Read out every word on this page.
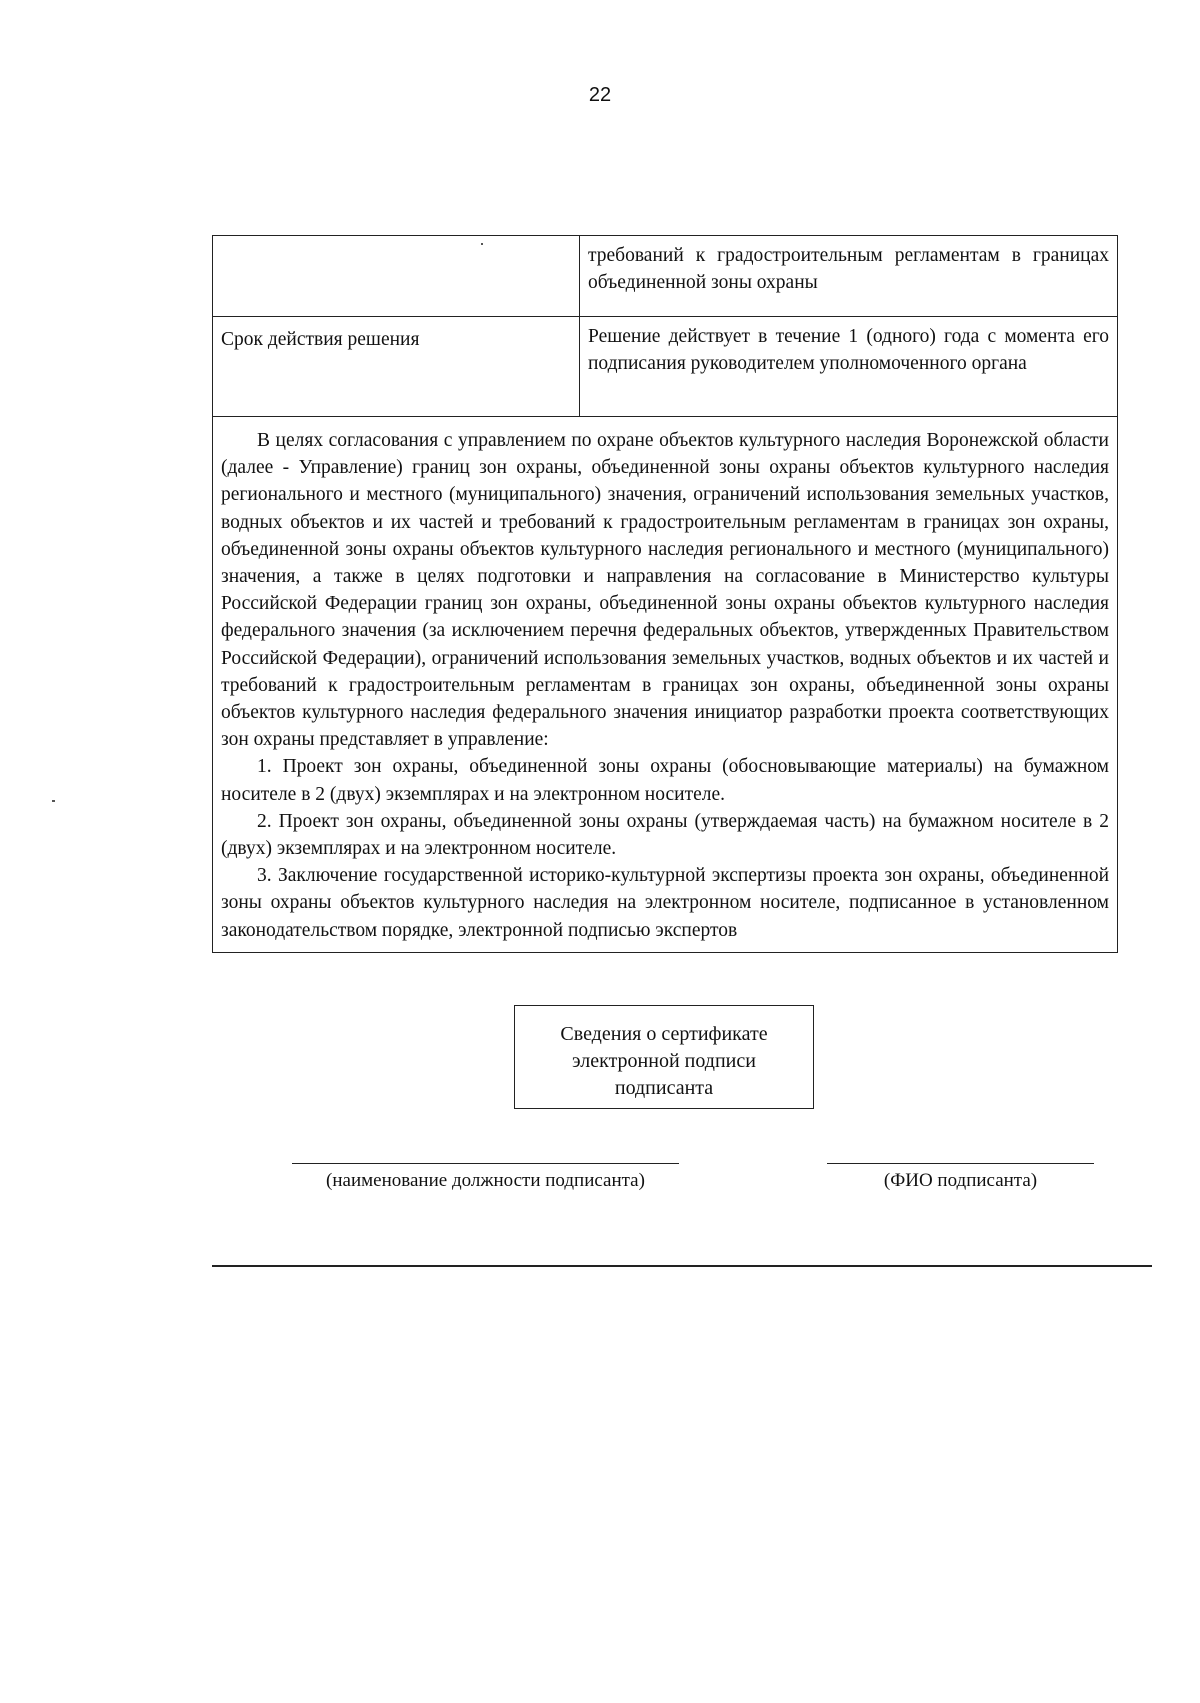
22
	требований к градостроительным регламентам в границах объединенной зоны охраны
Срок действия решения	Решение действует в течение 1 (одного) года с момента его подписания руководителем уполномоченного органа

В целях согласования с управлением по охране объектов культурного наследия Воронежской области (далее - Управление) границ зон охраны, объединенной зоны охраны объектов культурного наследия регионального и местного (муниципального) значения, ограничений использования земельных участков, водных объектов и их частей и требований к градостроительным регламентам в границах зон охраны, объединенной зоны охраны объектов культурного наследия регионального и местного (муниципального) значения, а также в целях подготовки и направления на согласование в Министерство культуры Российской Федерации границ зон охраны, объединенной зоны охраны объектов культурного наследия федерального значения (за исключением перечня федеральных объектов, утвержденных Правительством Российской Федерации), ограничений использования земельных участков, водных объектов и их частей и требований к градостроительным регламентам в границах зон охраны, объединенной зоны охраны объектов культурного наследия федерального значения инициатор разработки проекта соответствующих зон охраны представляет в управление:

1. Проект зон охраны, объединенной зоны охраны (обосновывающие материалы) на бумажном носителе в 2 (двух) экземплярах и на электронном носителе.

2. Проект зон охраны, объединенной зоны охраны (утверждаемая часть) на бумажном носителе в 2 (двух) экземплярах и на электронном носителе.

3. Заключение государственной историко-культурной экспертизы проекта зон охраны, объединенной зоны охраны объектов культурного наследия на электронном носителе, подписанное в установленном законодательством порядке, электронной подписью экспертов	

Сведения о сертификате
электронной подписи
подписанта
(наименование должности подписанта)	(ФИО подписанта)
